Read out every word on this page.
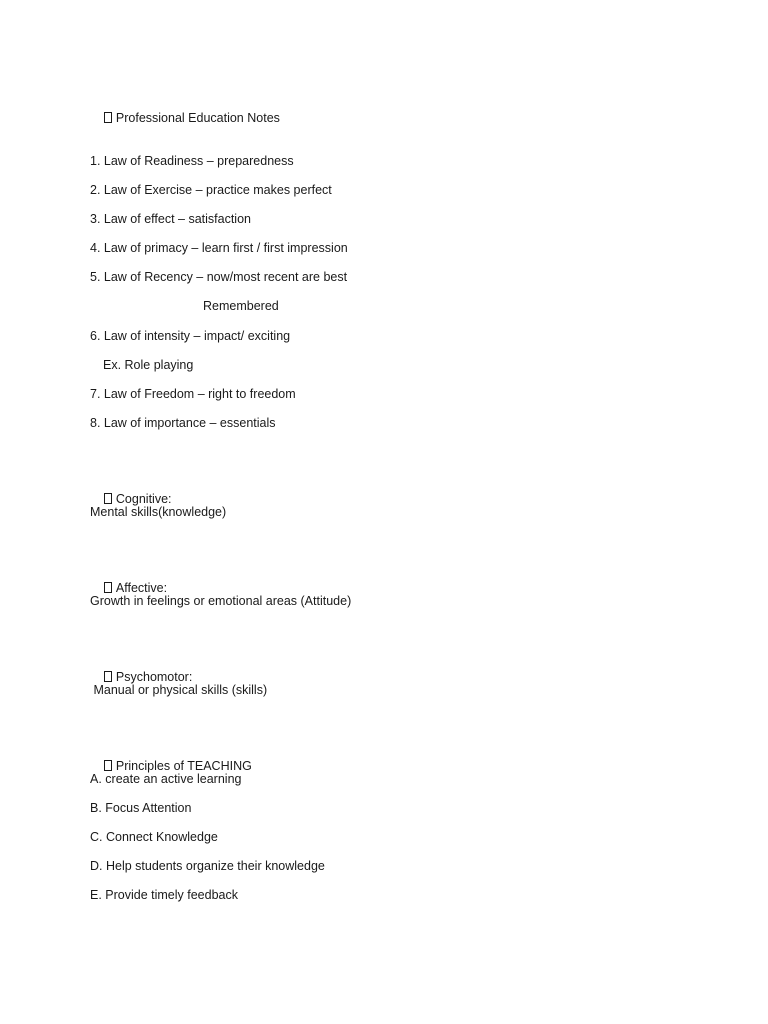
Professional Education Notes

1. Law of Readiness – preparedness
2. Law of Exercise – practice makes perfect
3. Law of effect – satisfaction
4. Law of primacy – learn first / first impression
5. Law of Recency – now/most recent are best
Remembered
6. Law of intensity – impact/ exciting
Ex. Role playing
7. Law of Freedom – right to freedom
8. Law of importance – essentials

Cognitive:

Mental skills(knowledge)

Affective:

Growth in feelings or emotional areas (Attitude)

Psychomotor:

Manual or physical skills (skills)

Principles of TEACHING

A. create an active learning
B. Focus Attention
C. Connect Knowledge
D. Help students organize their knowledge
E. Provide timely feedback
